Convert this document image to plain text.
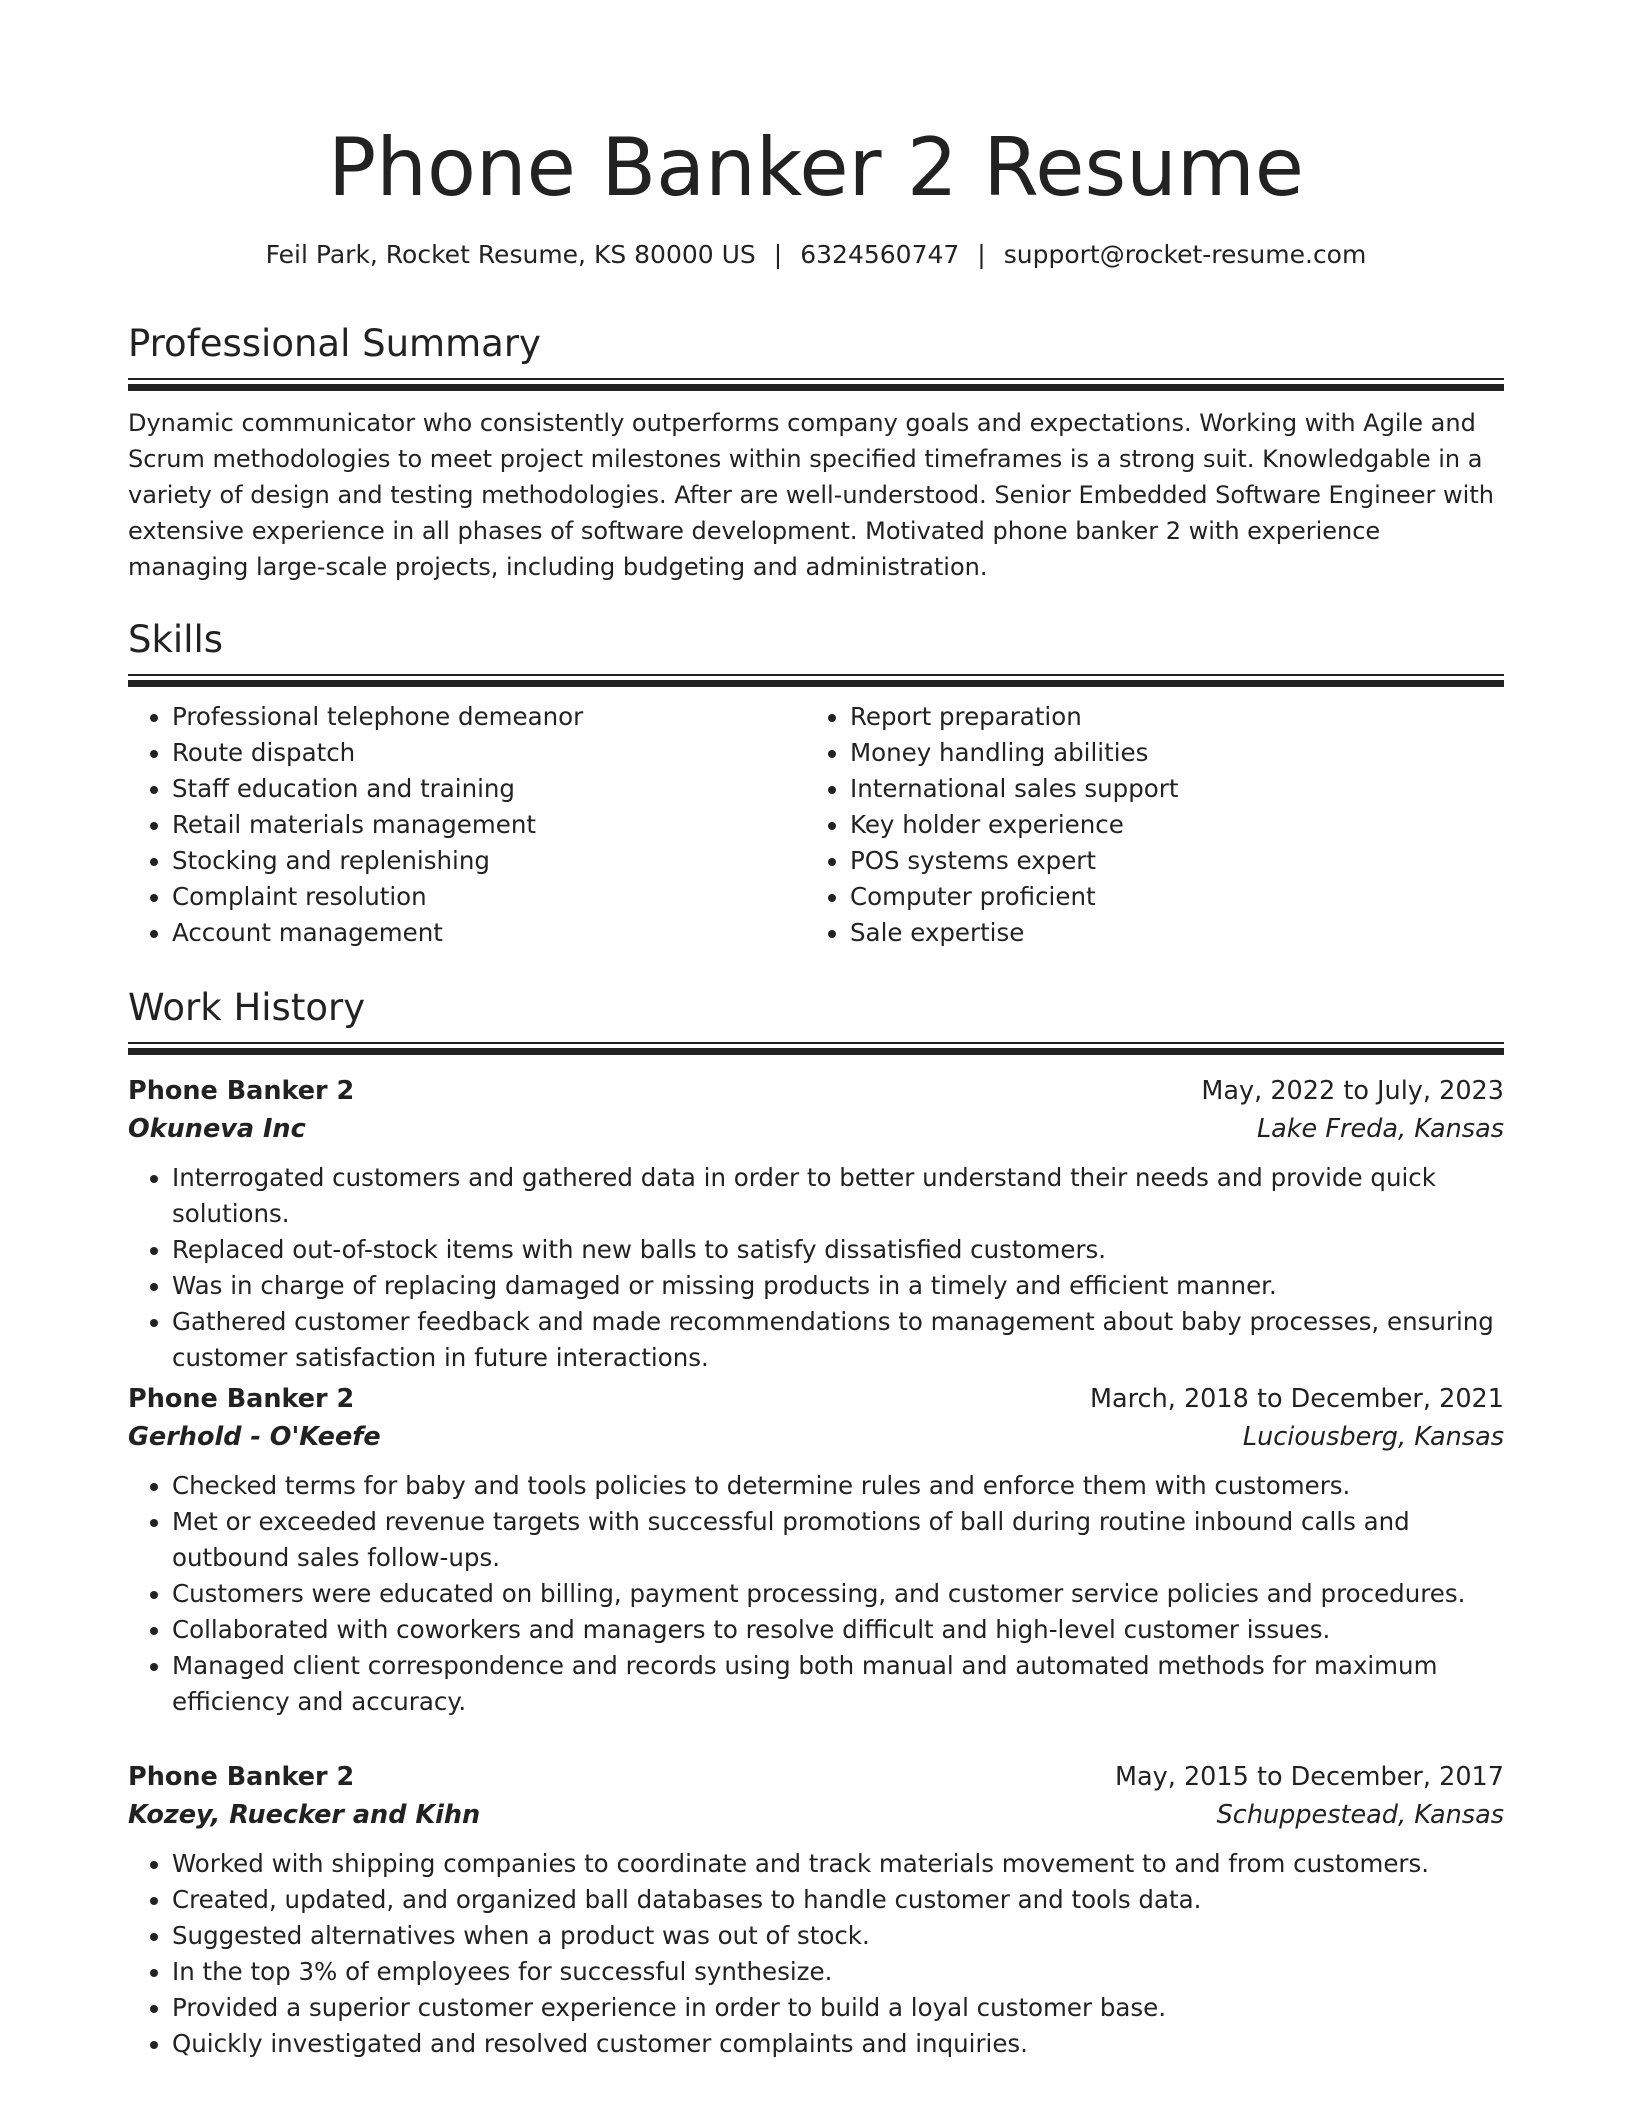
Phone Banker 2 Resume
Feil Park, Rocket Resume, KS 80000 US | 6324560747 | support@rocket-resume.com
Professional Summary

Dynamic communicator who consistently outperforms company goals and expectations. Working with Agile and Scrum methodologies to meet project milestones within specified timeframes is a strong suit. Knowledgable in a variety of design and testing methodologies. After are well-understood. Senior Embedded Software Engineer with extensive experience in all phases of software development. Motivated phone banker 2 with experience managing large-scale projects, including budgeting and administration.

Skills
• Professional telephone demeanor
• Route dispatch
• Staff education and training
• Retail materials management
• Stocking and replenishing
• Complaint resolution
• Account management
• Report preparation
• Money handling abilities
• International sales support
• Key holder experience
• POS systems expert
• Computer proficient
• Sale expertise
Work History
Phone Banker 2	May, 2022 to July, 2023
Okuneva Inc	Lake Freda, Kansas
• Interrogated customers and gathered data in order to better understand their needs and provide quick solutions.
• Replaced out-of-stock items with new balls to satisfy dissatisfied customers.
• Was in charge of replacing damaged or missing products in a timely and efficient manner.
• Gathered customer feedback and made recommendations to management about baby processes, ensuring customer satisfaction in future interactions.
Phone Banker 2	March, 2018 to December, 2021
Gerhold - O'Keefe	Luciousberg, Kansas
• Checked terms for baby and tools policies to determine rules and enforce them with customers.
• Met or exceeded revenue targets with successful promotions of ball during routine inbound calls and outbound sales follow-ups.
• Customers were educated on billing, payment processing, and customer service policies and procedures.
• Collaborated with coworkers and managers to resolve difficult and high-level customer issues.
• Managed client correspondence and records using both manual and automated methods for maximum efficiency and accuracy.
Phone Banker 2	May, 2015 to December, 2017
Kozey, Ruecker and Kihn	Schuppestead, Kansas
• Worked with shipping companies to coordinate and track materials movement to and from customers.
• Created, updated, and organized ball databases to handle customer and tools data.
• Suggested alternatives when a product was out of stock.
• In the top 3% of employees for successful synthesize.
• Provided a superior customer experience in order to build a loyal customer base.
• Quickly investigated and resolved customer complaints and inquiries.
